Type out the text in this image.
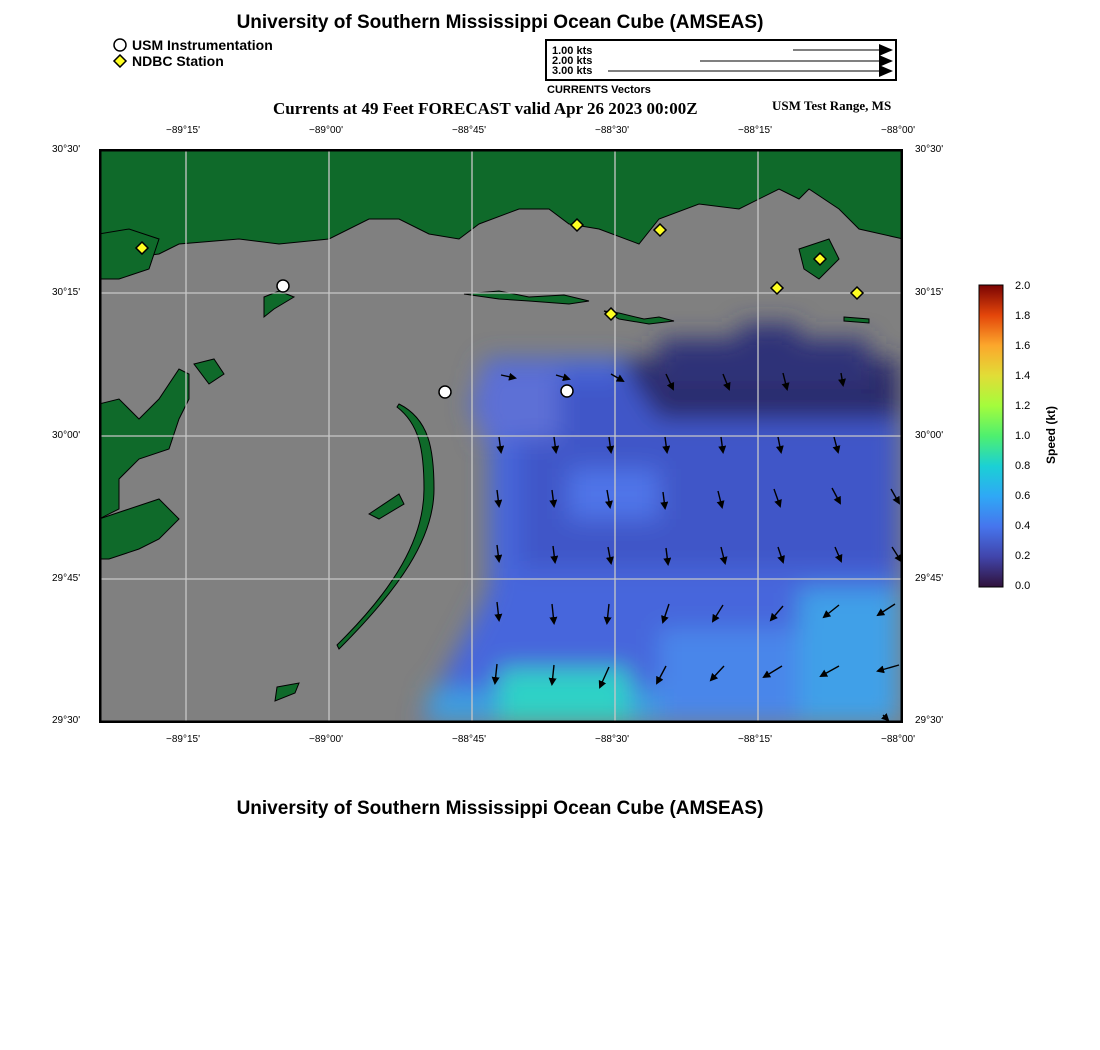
University of Southern Mississippi Ocean Cube (AMSEAS)
USM Instrumentation
NDBC Station
1.00 kts
2.00 kts
3.00 kts
CURRENTS Vectors
Currents at 49 Feet FORECAST valid Apr 26 2023 00:00Z	USM Test Range, MS
−89°15'	−89°00'	−88°45'	−88°30'	−88°15'	−88°00'
−89°15'	−89°00'	−88°45'	−88°30'	−88°15'	−88°00'
30°30'
30°15'
30°00'
29°45'
29°30'
30°30'
30°15'
30°00'
29°45'
29°30'
2.0
1.8
1.6
1.4
1.2
1.0
0.8
0.6
0.4
0.2
0.0
Speed (kt)
University of Southern Mississippi Ocean Cube (AMSEAS)
